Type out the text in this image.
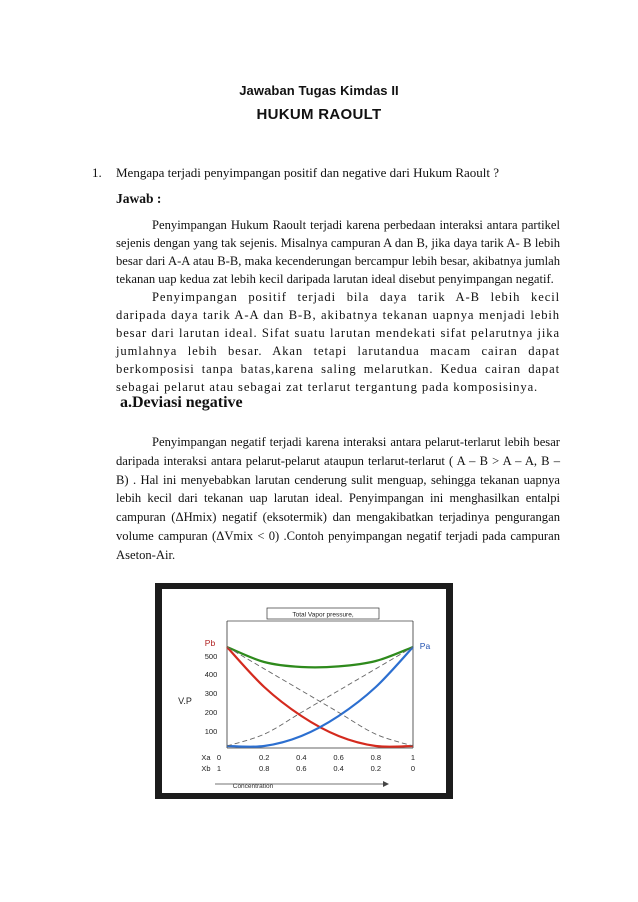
Jawaban Tugas Kimdas II
HUKUM RAOULT
1. Mengapa terjadi penyimpangan positif dan negative dari Hukum Raoult ?
Jawab :

Penyimpangan Hukum Raoult terjadi karena perbedaan interaksi antara partikel sejenis dengan yang tak sejenis. Misalnya campuran A dan B, jika daya tarik A- B lebih besar dari A-A atau B-B, maka kecenderungan bercampur lebih besar, akibatnya jumlah tekanan uap kedua zat lebih kecil daripada larutan ideal disebut penyimpangan negatif.
Penyimpangan positif terjadi bila daya tarik A-B lebih kecil daripada daya tarik A-A dan B-B, akibatnya tekanan uapnya menjadi lebih besar dari larutan ideal. Sifat suatu larutan mendekati sifat pelarutnya jika jumlahnya lebih besar. Akan tetapi larutandua macam cairan dapat berkomposisi tanpa batas,karena saling melarutkan. Kedua cairan dapat sebagai pelarut atau sebagai zat terlarut tergantung pada komposisinya.

a.Deviasi negative

Penyimpangan negatif terjadi karena interaksi antara pelarut-terlarut lebih besar daripada interaksi antara pelarut-pelarut ataupun terlarut-terlarut ( A – B > A – A, B – B) . Hal ini menyebabkan larutan cenderung sulit menguap, sehingga tekanan uapnya lebih kecil dari tekanan uap larutan ideal. Penyimpangan ini menghasilkan entalpi campuran (ΔHmix) negatif (eksotermik) dan mengakibatkan terjadinya pengurangan volume campuran (ΔVmix < 0) .Contoh penyimpangan negatif terjadi pada campuran Aseton-Air.

Total Vapor pressure,
Pb	Pa
V.P
500
400
300
200
100
Xa
Xb
0	0.2	0.4	0.6	0.8	1
1	0.8	0.6	0.4	0.2	0
Concentration
